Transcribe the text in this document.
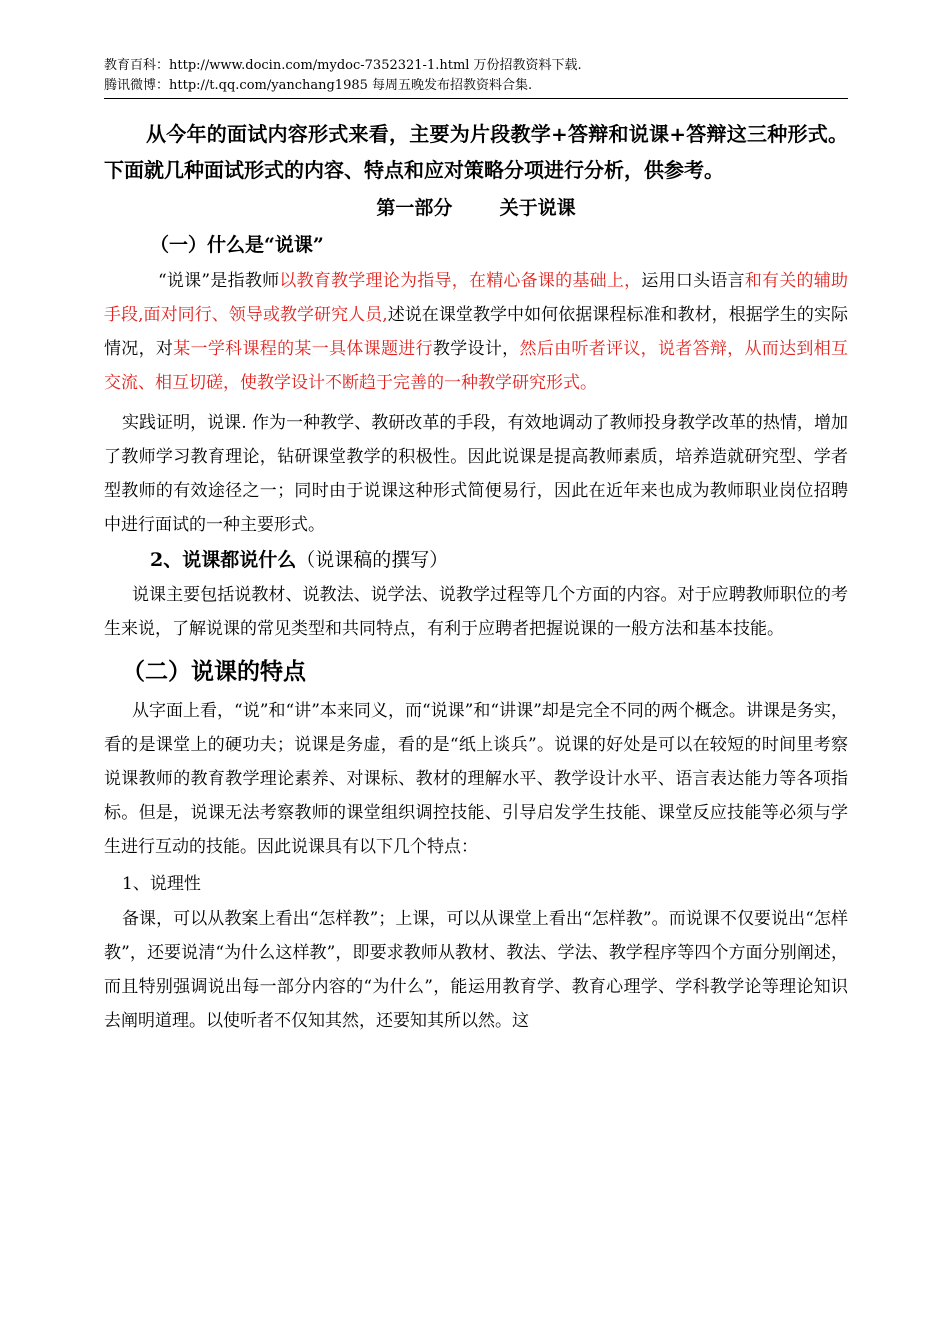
教育百科：http://www.docin.com/mydoc-7352321-1.html 万份招教资料下载.
腾讯微博：http://t.qq.com/yanchang1985 每周五晚发布招教资料合集.

从今年的面试内容形式来看，主要为片段教学+答辩和说课+答辩这三种形式。下面就几种面试形式的内容、特点和应对策略分项进行分析，供参考。

第一部分 关于说课

（一）什么是“说课”

“说课”是指教师以教育教学理论为指导，在精心备课的基础上，运用口头语言和有关的辅助手段,面对同行、领导或教学研究人员,述说在课堂教学中如何依据课程标准和教材，根据学生的实际情况，对某一学科课程的某一具体课题进行教学设计，然后由听者评议，说者答辩，从而达到相互交流、相互切磋，使教学设计不断趋于完善的一种教学研究形式。

实践证明，说课. 作为一种教学、教研改革的手段，有效地调动了教师投身教学改革的热情，增加了教师学习教育理论，钻研课堂教学的积极性。因此说课是提高教师素质，培养造就研究型、学者型教师的有效途径之一；同时由于说课这种形式简便易行，因此在近年来也成为教师职业岗位招聘中进行面试的一种主要形式。

2、说课都说什么（说课稿的撰写）

说课主要包括说教材、说教法、说学法、说教学过程等几个方面的内容。对于应聘教师职位的考生来说，了解说课的常见类型和共同特点，有利于应聘者把握说课的一般方法和基本技能。

（二）说课的特点

从字面上看，“说”和“讲”本来同义，而“说课”和“讲课”却是完全不同的两个概念。讲课是务实，看的是课堂上的硬功夫；说课是务虚，看的是“纸上谈兵”。说课的好处是可以在较短的时间里考察说课教师的教育教学理论素养、对课标、教材的理解水平、教学设计水平、语言表达能力等各项指标。但是，说课无法考察教师的课堂组织调控技能、引导启发学生技能、课堂反应技能等必须与学生进行互动的技能。因此说课具有以下几个特点：

1、说理性

备课，可以从教案上看出“怎样教”；上课，可以从课堂上看出“怎样教”。而说课不仅要说出“怎样教”，还要说清“为什么这样教”，即要求教师从教材、教法、学法、教学程序等四个方面分别阐述，而且特别强调说出每一部分内容的“为什么”，能运用教育学、教育心理学、学科教学论等理论知识去阐明道理。以使听者不仅知其然，还要知其所以然。这
